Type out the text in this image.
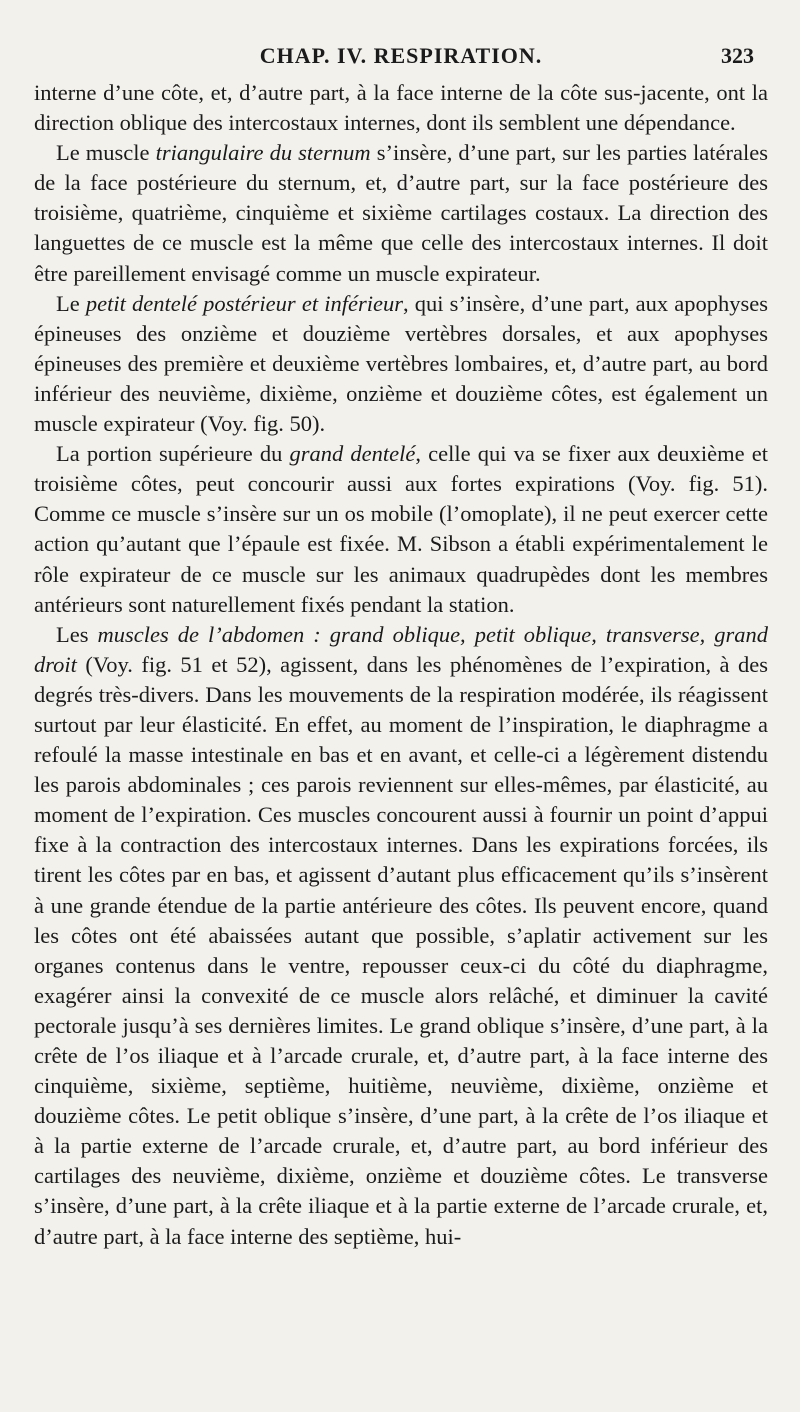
CHAP. IV. RESPIRATION.	323

interne d’une côte, et, d’autre part, à la face interne de la côte sus-jacente, ont la direction oblique des intercostaux internes, dont ils semblent une dépendance.

Le muscle triangulaire du sternum s’insère, d’une part, sur les parties latérales de la face postérieure du sternum, et, d’autre part, sur la face postérieure des troisième, quatrième, cinquième et sixième cartilages costaux. La direction des languettes de ce muscle est la même que celle des intercostaux internes. Il doit être pareillement envisagé comme un muscle expirateur.

Le petit dentelé postérieur et inférieur, qui s’insère, d’une part, aux apophyses épineuses des onzième et douzième vertèbres dorsales, et aux apophyses épineuses des première et deuxième vertèbres lombaires, et, d’autre part, au bord inférieur des neuvième, dixième, onzième et douzième côtes, est également un muscle expirateur (Voy. fig. 50).

La portion supérieure du grand dentelé, celle qui va se fixer aux deuxième et troisième côtes, peut concourir aussi aux fortes expirations (Voy. fig. 51). Comme ce muscle s’insère sur un os mobile (l’omoplate), il ne peut exercer cette action qu’autant que l’épaule est fixée. M. Sibson a établi expérimentalement le rôle expirateur de ce muscle sur les animaux quadrupèdes dont les membres antérieurs sont naturellement fixés pendant la station.

Les muscles de l’abdomen : grand oblique, petit oblique, transverse, grand droit (Voy. fig. 51 et 52), agissent, dans les phénomènes de l’expiration, à des degrés très-divers. Dans les mouvements de la respiration modérée, ils réagissent surtout par leur élasticité. En effet, au moment de l’inspiration, le diaphragme a refoulé la masse intestinale en bas et en avant, et celle-ci a légèrement distendu les parois abdominales ; ces parois reviennent sur elles-mêmes, par élasticité, au moment de l’expiration. Ces muscles concourent aussi à fournir un point d’appui fixe à la contraction des intercostaux internes. Dans les expirations forcées, ils tirent les côtes par en bas, et agissent d’autant plus efficacement qu’ils s’insèrent à une grande étendue de la partie antérieure des côtes. Ils peuvent encore, quand les côtes ont été abaissées autant que possible, s’aplatir activement sur les organes contenus dans le ventre, repousser ceux-ci du côté du diaphragme, exagérer ainsi la convexité de ce muscle alors relâché, et diminuer la cavité pectorale jusqu’à ses dernières limites. Le grand oblique s’insère, d’une part, à la crête de l’os iliaque et à l’arcade crurale, et, d’autre part, à la face interne des cinquième, sixième, septième, huitième, neuvième, dixième, onzième et douzième côtes. Le petit oblique s’insère, d’une part, à la crête de l’os iliaque et à la partie externe de l’arcade crurale, et, d’autre part, au bord inférieur des cartilages des neuvième, dixième, onzième et douzième côtes. Le transverse s’insère, d’une part, à la crête iliaque et à la partie externe de l’arcade crurale, et, d’autre part, à la face interne des septième, hui-
